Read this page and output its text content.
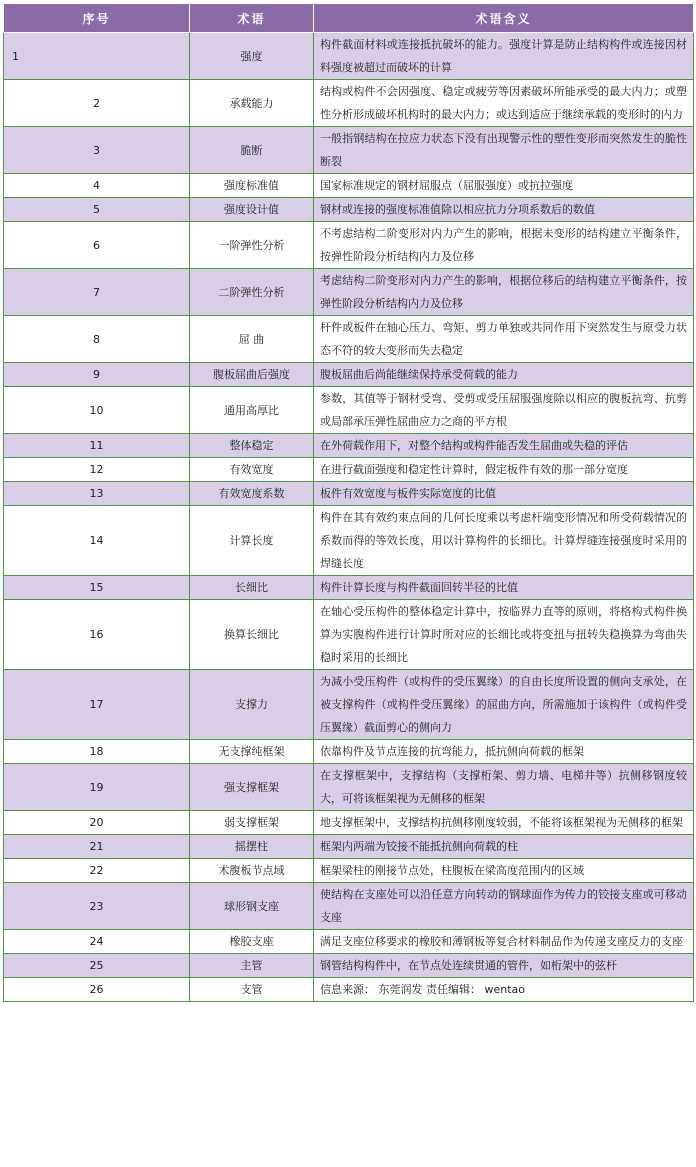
序号	术语	术语含义
1	强度	构件截面材料或连接抵抗破坏的能力。强度计算是防止结构构件或连接因材料强度被超过而破坏的计算
2	承载能力	结构或构件不会因强度、稳定或疲劳等因素破坏所能承受的最大内力；或塑性分析形成破坏机构时的最大内力；或达到适应于继续承载的变形时的内力
3	脆断	一般指钢结构在拉应力状态下没有出现警示性的塑性变形而突然发生的脆性断裂
4	强度标准值	国家标准规定的钢材屈服点（屈服强度）或抗拉强度
5	强度设计值	钢材或连接的强度标准值除以相应抗力分项系数后的数值
6	一阶弹性分析	不考虑结构二阶变形对内力产生的影响，根据未变形的结构建立平衡条件，按弹性阶段分析结构内力及位移
7	二阶弹性分析	考虑结构二阶变形对内力产生的影响，根据位移后的结构建立平衡条件，按弹性阶段分析结构内力及位移
8	屈 曲	杆件或板件在轴心压力、弯矩、剪力单独或共同作用下突然发生与原受力状态不符的较大变形而失去稳定
9	腹板屈曲后强度	腹板屈曲后尚能继续保持承受荷载的能力
10	通用高厚比	参数，其值等于钢材受弯、受剪或受压屈服强度除以相应的腹板抗弯、抗剪或局部承压弹性屈曲应力之商的平方根
11	整体稳定	在外荷载作用下，对整个结构或构件能否发生屈曲或失稳的评估
12	有效宽度	在进行截面强度和稳定性计算时，假定板件有效的那一部分宽度
13	有效宽度系数	板件有效宽度与板件实际宽度的比值
14	计算长度	构件在其有效约束点间的几何长度乘以考虑杆端变形情况和所受荷载情况的系数而得的等效长度，用以计算构件的长细比。计算焊缝连接强度时采用的焊缝长度
15	长细比	构件计算长度与构件截面回转半径的比值
16	换算长细比	在轴心受压构件的整体稳定计算中，按临界力直等的原则，将格构式构件换算为实腹构件进行计算时所对应的长细比或将变扭与扭转失稳换算为弯曲失稳时采用的长细比
17	支撑力	为减小受压构件（或构件的受压翼缘）的自由长度所设置的侧向支承处，在被支撑构件（或构件受压翼缘）的屈曲方向，所需施加于该构件（或构件受压翼缘）截面剪心的侧向力
18	无支撑纯框架	依靠构件及节点连接的抗弯能力，抵抗侧向荷载的框架
19	强支撑框架	在支撑框架中，支撑结构（支撑桁架、剪力墙、电梯井等）抗侧移钢度较大，可将该框架视为无侧移的框架
20	弱支撑框架	地支撑框架中，支撑结构抗侧移刚度较弱，不能将该框架视为无侧移的框架
21	摇摆柱	框架内两端为铰接不能抵抗侧向荷载的柱
22	术腹板节点域	框架梁柱的刚接节点处，柱腹板在梁高度范围内的区域
23	球形钢支座	使结构在支座处可以沿任意方向转动的钢球面作为传力的铰接支座或可移动支座
24	橡胶支座	满足支座位移要求的橡胶和薄钢板等复合材料制品作为传递支座反力的支座
25	主管	钢管结构构件中，在节点处连续贯通的管件，如桁架中的弦杆
26	支管	信息来源： 东莞润发 责任编辑： wentao
